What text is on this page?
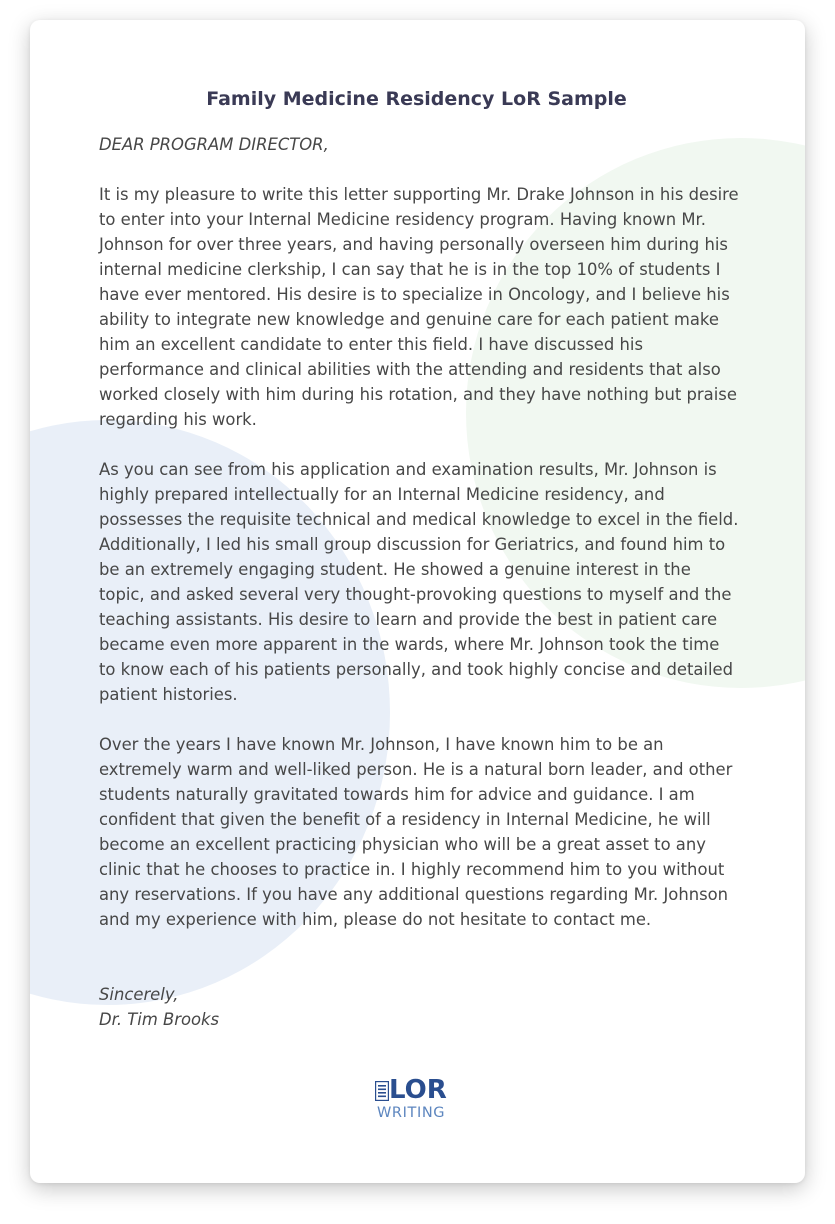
Family Medicine Residency LoR Sample

DEAR PROGRAM DIRECTOR,

It is my pleasure to write this letter supporting Mr. Drake Johnson in his desire to enter into your Internal Medicine residency program. Having known Mr. Johnson for over three years, and having personally overseen him during his internal medicine clerkship, I can say that he is in the top 10% of students I have ever mentored. His desire is to specialize in Oncology, and I believe his ability to integrate new knowledge and genuine care for each patient make him an excellent candidate to enter this field. I have discussed his performance and clinical abilities with the attending and residents that also worked closely with him during his rotation, and they have nothing but praise regarding his work.

As you can see from his application and examination results, Mr. Johnson is highly prepared intellectually for an Internal Medicine residency, and possesses the requisite technical and medical knowledge to excel in the field. Additionally, I led his small group discussion for Geriatrics, and found him to be an extremely engaging student. He showed a genuine interest in the topic, and asked several very thought-provoking questions to myself and the teaching assistants. His desire to learn and provide the best in patient care became even more apparent in the wards, where Mr. Johnson took the time to know each of his patients personally, and took highly concise and detailed patient histories.

Over the years I have known Mr. Johnson, I have known him to be an extremely warm and well-liked person. He is a natural born leader, and other students naturally gravitated towards him for advice and guidance. I am confident that given the benefit of a residency in Internal Medicine, he will become an excellent practicing physician who will be a great asset to any clinic that he chooses to practice in. I highly recommend him to you without any reservations. If you have any additional questions regarding Mr. Johnson and my experience with him, please do not hesitate to contact me.

Sincerely,
Dr. Tim Brooks
LOR
WRITING
